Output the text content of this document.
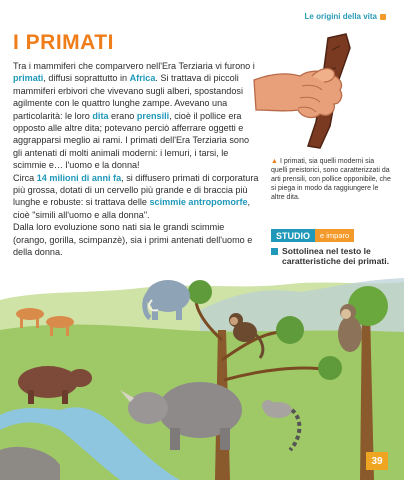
Le origini della vita
I PRIMATI

Tra i mammiferi che comparvero nell'Era Terziaria vi furono i primati, diffusi soprattutto in Africa. Si trattava di piccoli mammiferi erbivori che vivevano sugli alberi, spostandosi agilmente con le quattro lunghe zampe. Avevano una particolarità: le loro dita erano prensili, cioè il pollice era opposto alle altre dita; potevano perciò afferrare oggetti e aggrapparsi meglio ai rami. I primati dell'Era Terziaria sono gli antenati di molti animali moderni: i lemuri, i tarsi, le scimmie e… l'uomo e la donna!

Circa 14 milioni di anni fa, si diffusero primati di corporatura più grossa, dotati di un cervello più grande e di braccia più lunghe e robuste: si trattava delle scimmie antropomorfe, cioè "simili all'uomo e alla donna".

Dalla loro evoluzione sono nati sia le grandi scimmie (orango, gorilla, scimpanzè), sia i primi antenati dell'uomo e della donna.

▲ I primati, sia quelli moderni sia quelli preistorici, sono caratterizzati da arti prensili, con pollice opponibile, che si piega in modo da raggiungere le altre dita.
STUDIO	e imparo
Sottolinea nel testo le caratteristiche dei primati.
39
